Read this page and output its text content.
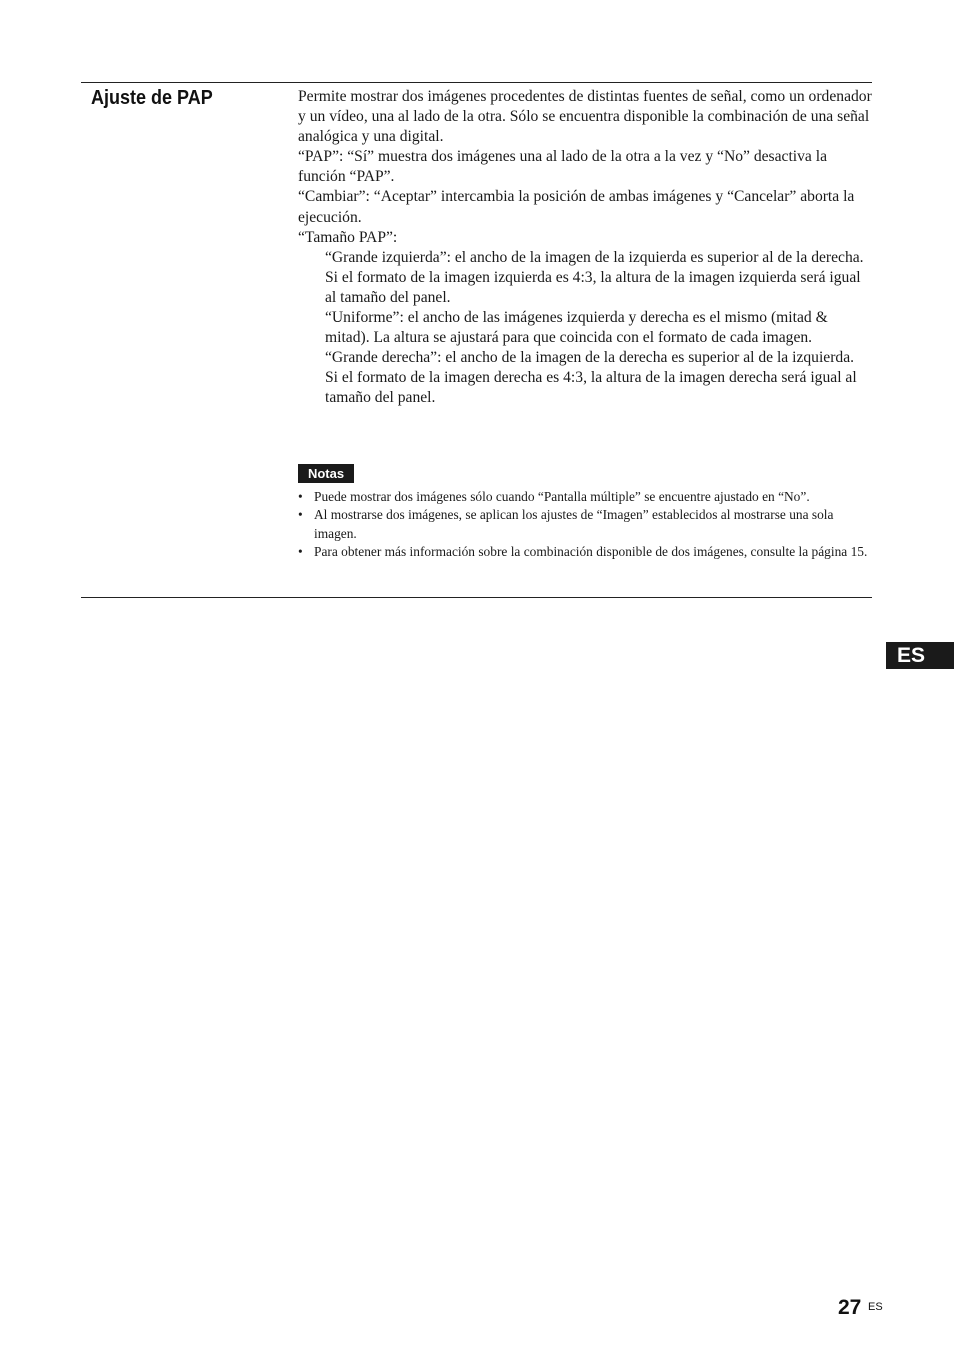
Ajuste de PAP	Permite mostrar dos imágenes procedentes de distintas fuentes de señal, como un ordenador y un vídeo, una al lado de la otra. Sólo se encuentra disponible la combinación de una señal analógica y una digital.

“PAP”: “Sí” muestra dos imágenes una al lado de la otra a la vez y “No” desactiva la función “PAP”.

“Cambiar”: “Aceptar” intercambia la posición de ambas imágenes y “Cancelar” aborta la ejecución.

“Tamaño PAP”:

“Grande izquierda”: el ancho de la imagen de la izquierda es superior al de la derecha.

Si el formato de la imagen izquierda es 4:3, la altura de la imagen izquierda será igual al tamaño del panel.

“Uniforme”: el ancho de las imágenes izquierda y derecha es el mismo (mitad & mitad). La altura se ajustará para que coincida con el formato de cada imagen.

“Grande derecha”: el ancho de la imagen de la derecha es superior al de la izquierda.

Si el formato de la imagen derecha es 4:3, la altura de la imagen derecha será igual al tamaño del panel.

Notas
• Puede mostrar dos imágenes sólo cuando “Pantalla múltiple” se encuentre ajustado en “No”.
• Al mostrarse dos imágenes, se aplican los ajustes de “Imagen” establecidos al mostrarse una sola imagen.
• Para obtener más información sobre la combinación disponible de dos imágenes, consulte la página 15.
ES
27 ES
